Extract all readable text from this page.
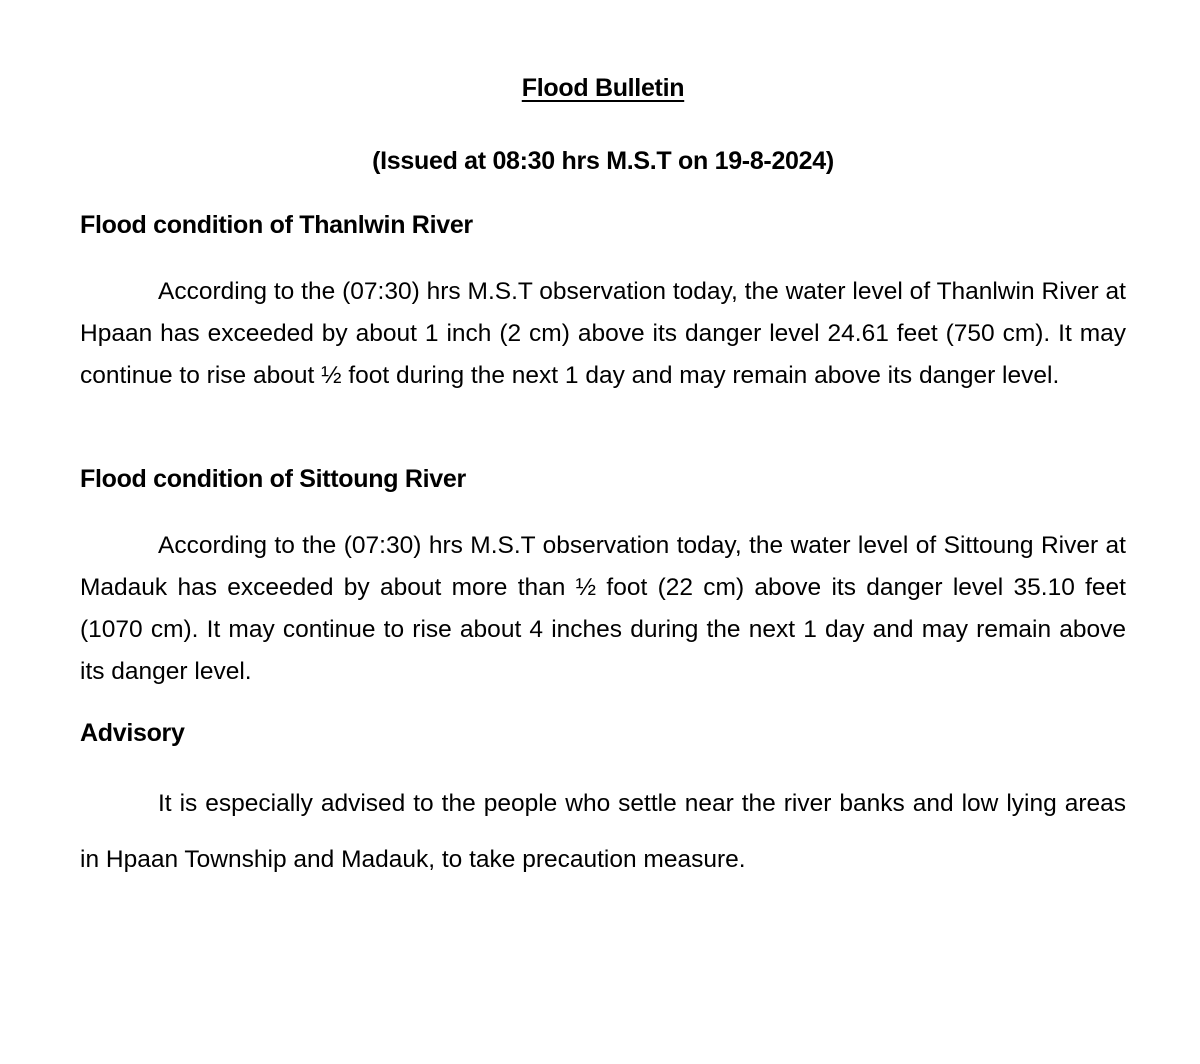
Flood Bulletin
(Issued at 08:30 hrs M.S.T on 19-8-2024)
Flood condition of Thanlwin River
According to the (07:30) hrs M.S.T observation today, the water level of Thanlwin River at Hpaan has exceeded by about 1 inch (2 cm) above its danger level 24.61 feet (750 cm). It may continue to rise about ½ foot during the next 1 day and may remain above its danger level.
Flood condition of Sittoung River
According to the (07:30) hrs M.S.T observation today, the water level of Sittoung River at Madauk has exceeded by about more than ½ foot (22 cm) above its danger level 35.10 feet (1070 cm). It may continue to rise about 4 inches during the next 1 day and may remain above its danger level.
Advisory
It is especially advised to the people who settle near the river banks and low lying areas in Hpaan Township and Madauk, to take precaution measure.
